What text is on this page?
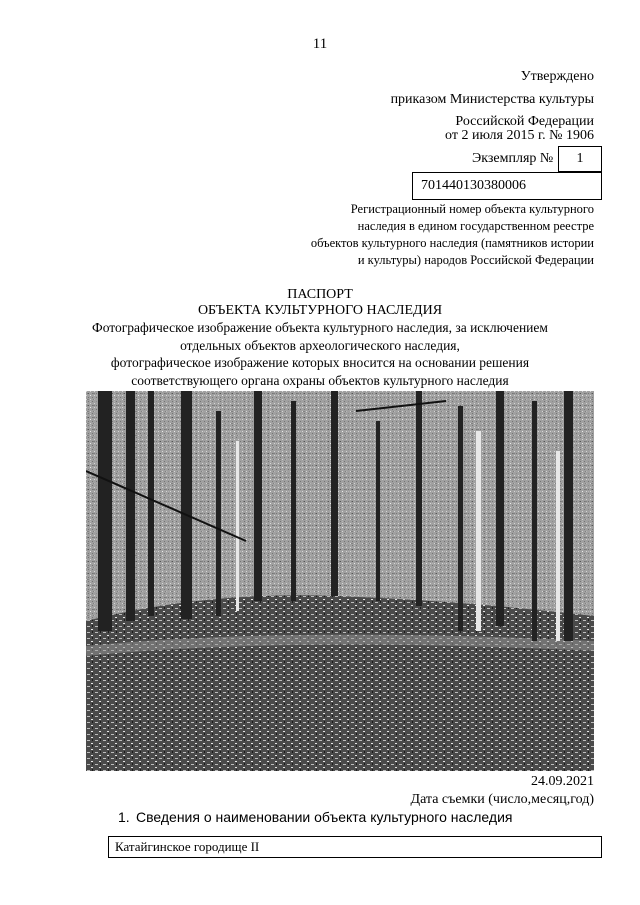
11
Утверждено
приказом Министерства культуры
Российской Федерации
от 2 июля 2015 г. № 1906
Экземпляр №	1
701440130380006
Регистрационный номер объекта культурного
наследия в едином государственном реестре
объектов культурного наследия (памятников истории
и культуры) народов Российской Федерации
ПАСПОРТ
ОБЪЕКТА КУЛЬТУРНОГО НАСЛЕДИЯ
Фотографическое изображение объекта культурного наследия, за исключением
отдельных объектов археологического наследия,
фотографическое изображение которых вносится на основании решения
соответствующего органа охраны объектов культурного наследия
24.09.2021
Дата съемки (число,месяц,год)
1. Сведения о наименовании объекта культурного наследия
Катайгинское городище II
